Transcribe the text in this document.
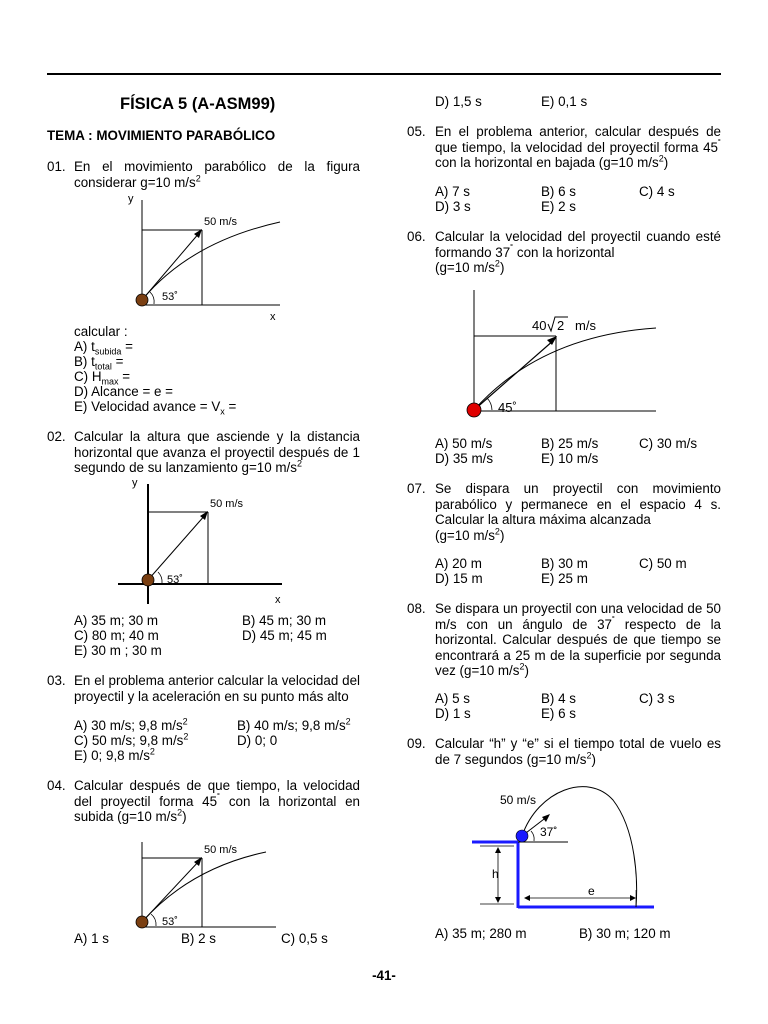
FÍSICA 5 (A-ASM99)
TEMA : MOVIMIENTO PARABÓLICO
01. En el movimiento parabólico de la figura considerar g=10 $m/s^2$
y
x
50 m/s
53˚
calcular :
A) $t_{subida}$ =
B) $t_{total}$ =
C) $H_{max}$ =
D) Alcance = e =
E) Velocidad avance = $V_x$ =
02. Calcular la altura que asciende y la distancia horizontal que avanza el proyectil después de 1 segundo de su lanzamiento g=10 $m/s^2$
y
x
50 m/s
53˚
A) 35 m; 30 m	B) 45 m; 30 m
C) 80 m; 40 m	D) 45 m; 45 m
E) 30 m ; 30 m
03. En el problema anterior calcular la velocidad del proyectil y la aceleración en su punto más alto
A) 30 m/s; 9,8 $m/s^2$	B) 40 m/s; 9,8 $m/s^2$
C) 50 m/s; 9,8 $m/s^2$	D) 0; 0
E) 0; 9,8 $m/s^2$
04. Calcular después de que tiempo, la velocidad del proyectil forma 45˚ con la horizontal en subida (g=10 $m/s^2$)
50 m/s
53˚
A) 1 s	B) 2 s	C) 0,5 s
D) 1,5 s	E) 0,1 s
05. En el problema anterior, calcular después de que tiempo, la velocidad del proyectil forma 45˚ con la horizontal en bajada (g=10 $m/s^2$)
A) 7 s	B) 6 s	C) 4 s
D) 3 s	E) 2 s
06. Calcular la velocidad del proyectil cuando esté formando 37˚ con la horizontal
(g=10 $m/s^2$)
40 2 m/s
45˚
A) 50 m/s	B) 25 m/s	C) 30 m/s
D) 35 m/s	E) 10 m/s
07. Se dispara un proyectil con movimiento parabólico y permanece en el espacio 4 s. Calcular la altura máxima alcanzada
(g=10 $m/s^2$)
A) 20 m	B) 30 m	C) 50 m
D) 15 m	E) 25 m
08. Se dispara un proyectil con una velocidad de 50 m/s con un ángulo de 37˚ respecto de la horizontal. Calcular después de que tiempo se encontrará a 25 m de la superficie por segunda vez (g=10 $m/s^2$)
A) 5 s	B) 4 s	C) 3 s
D) 1 s	E) 6 s
09. Calcular “h” y “e” si el tiempo total de vuelo es de 7 segundos (g=10 $m/s^2$)
50 m/s
37˚
h
e
A) 35 m; 280 m	B) 30 m; 120 m
-41-
